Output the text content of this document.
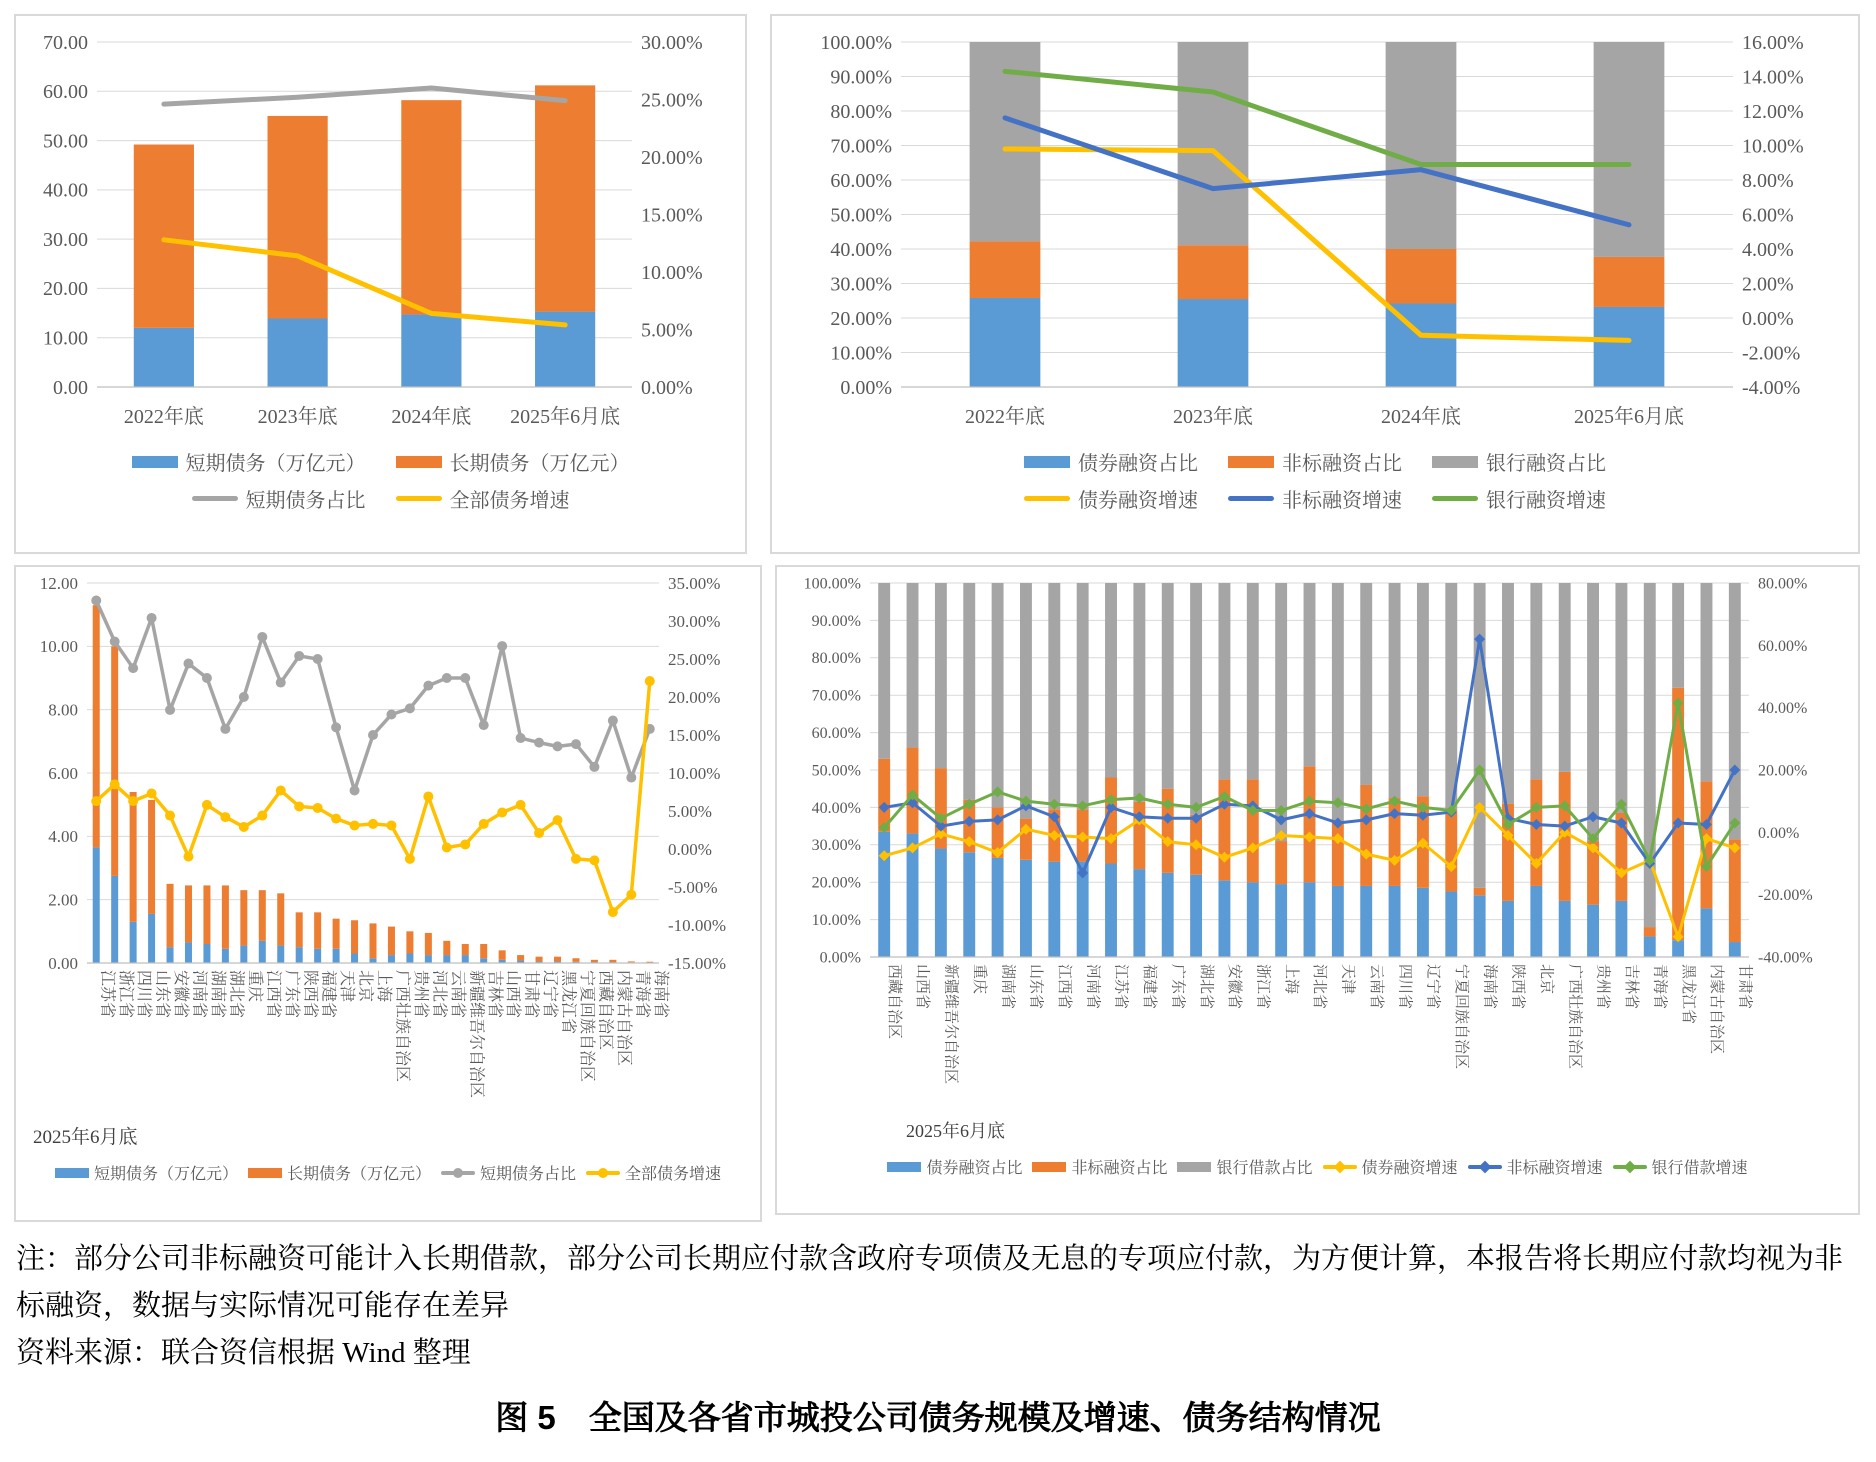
0.00
10.00
20.00
30.00
40.00
50.00
60.00
70.00
0.00%
5.00%
10.00%
15.00%
20.00%
25.00%
30.00%
2022年底	2023年底	2024年底 2025年6月底
短期债务（万亿元）	长期债务（万亿元）
短期债务占比	全部债务增速
0.00%
10.00%
20.00%
30.00%
40.00%
50.00%
60.00%
70.00%
80.00%
90.00%
100.00%
-4.00%
-2.00%
0.00%
2.00%
4.00%
6.00%
8.00%
10.00%
12.00%
14.00%
16.00%
2022年底	2023年底	2024年底	2025年6月底
债券融资占比	非标融资占比	银行融资占比
债券融资增速	非标融资增速	银行融资增速
0.00
2.00
4.00
6.00
8.00
10.00
12.00
-15.00%
-10.00%
-5.00%
0.00%
5.00%
10.00%
15.00%
20.00%
25.00%
30.00%
35.00%
江苏省 浙江省 四川省 山东省 安徽省 河南省 湖南省 湖北省 重庆 江西省 广东省 陕西省 福建省 天津 北京 上海 广西壮族自治区 贵州省 河北省 云南省 新疆维吾尔自治区 吉林省 山西省 甘肃省 辽宁省 黑龙江省 宁夏回族自治区 西藏自治区 内蒙古自治区 青海省 海南省
2025年6月底
短期债务（万亿元）	长期债务（万亿元）	短期债务占比	全部债务增速
0.00%
10.00%
20.00%
30.00%
40.00%
50.00%
60.00%
70.00%
80.00%
90.00%
100.00%
-40.00%
-20.00%
0.00%
20.00%
40.00%
60.00%
80.00%
西藏自治区 山西省 新疆维吾尔自治区 重庆 湖南省 山东省 江西省 河南省 江苏省 福建省 广东省 湖北省 安徽省 浙江省 上海 河北省 天津 云南省 四川省 辽宁省 宁夏回族自治区 海南省 陕西省 北京 广西壮族自治区 贵州省 吉林省 青海省 黑龙江省 内蒙古自治区 甘肃省
2025年6月底
债券融资占比	非标融资占比	银行借款占比	债券融资增速	非标融资增速	银行借款增速
注：部分公司非标融资可能计入长期借款，部分公司长期应付款含政府专项债及无息的专项应付款，为方便计算，本报告将长期应付款均视为非标融资，数据与实际情况可能存在差异
资料来源：联合资信根据 Wind 整理
图 5　全国及各省市城投公司债务规模及增速、债务结构情况
